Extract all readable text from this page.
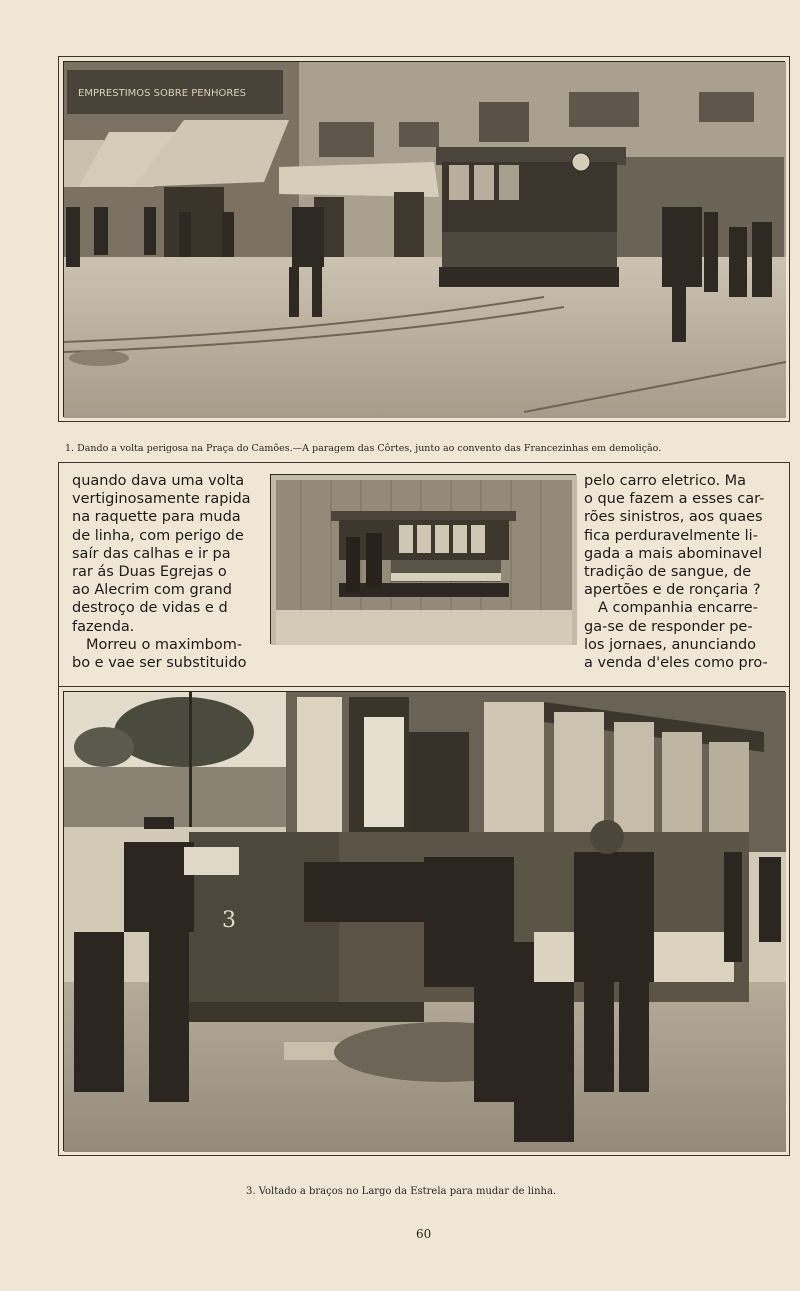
EMPRESTIMOS SOBRE PENHORES
1. Dando a volta perigosa na Praça do Camões.—A paragem das Côrtes, junto ao convento das Francezinhas em demolição.

quando dava uma volta

vertiginosamente rapida

na raquette para muda

de linha, com perigo de

saír das calhas e ir pa

rar ás Duas Egrejas o

ao Alecrim com grand

destroço de vidas e d

fazenda.

Morreu o maximbom-

bo e vae ser substituido

pelo carro eletrico. Ma

o que fazem a esses car-

rões sinistros, aos quaes

fica perduravelmente li-

gada a mais abominavel

tradição de sangue, de

apertões e de ronçaria ?

A companhia encarre-

ga-se de responder pe-

los jornaes, anunciando

a venda d'eles como pro-

3
3. Voltado a braços no Largo da Estrela para mudar de linha.
60
